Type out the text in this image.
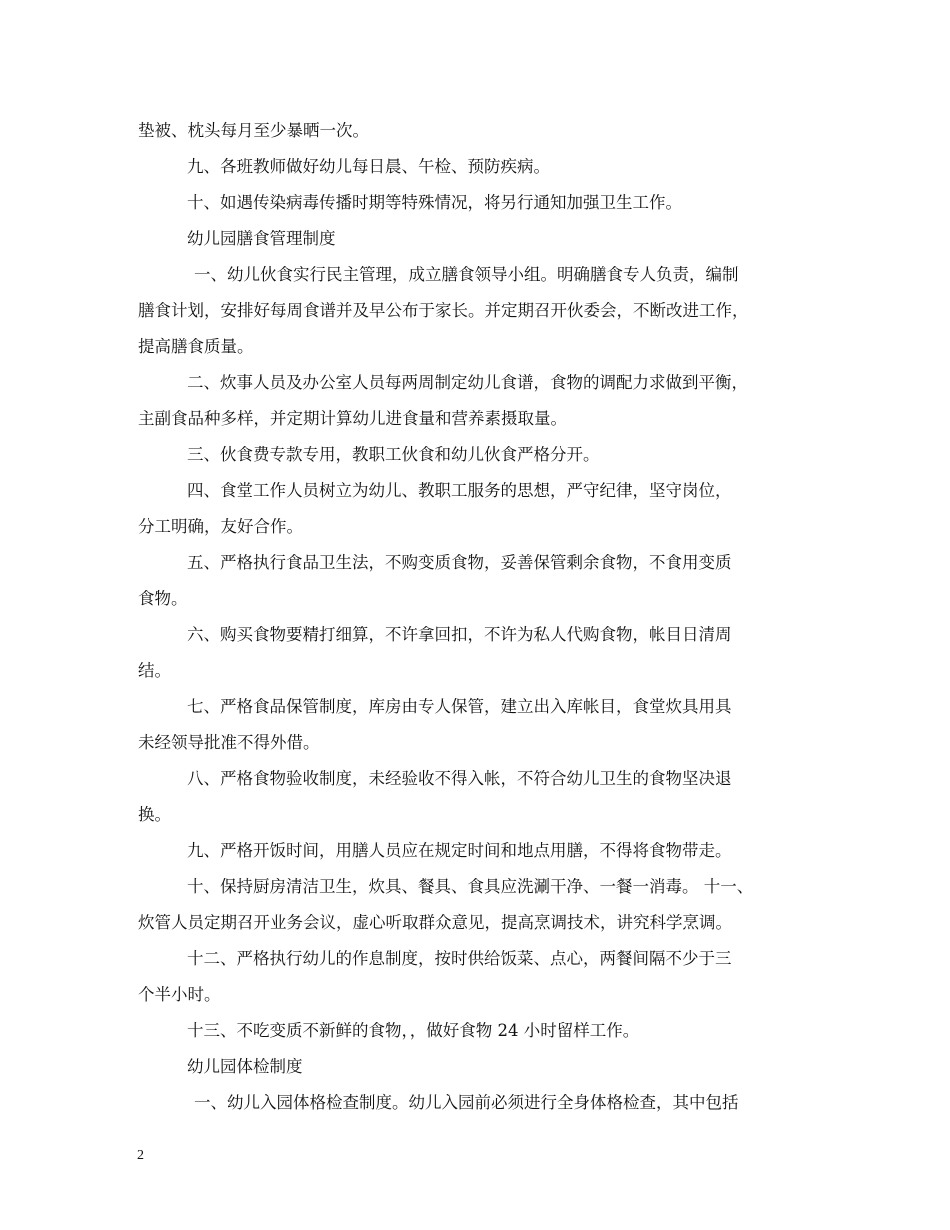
垫被、枕头每月至少暴晒一次。

九、各班教师做好幼儿每日晨、午检、预防疾病。

十、如遇传染病毒传播时期等特殊情况，将另行通知加强卫生工作。

幼儿园膳食管理制度

一、幼儿伙食实行民主管理，成立膳食领导小组。明确膳食专人负责，编制

膳食计划，安排好每周食谱并及早公布于家长。并定期召开伙委会，不断改进工作，

提高膳食质量。

二、炊事人员及办公室人员每两周制定幼儿食谱，食物的调配力求做到平衡，

主副食品种多样，并定期计算幼儿进食量和营养素摄取量。

三、伙食费专款专用，教职工伙食和幼儿伙食严格分开。

四、食堂工作人员树立为幼儿、教职工服务的思想，严守纪律，坚守岗位，

分工明确，友好合作。

五、严格执行食品卫生法，不购变质食物，妥善保管剩余食物，不食用变质

食物。

六、购买食物要精打细算，不许拿回扣，不许为私人代购食物，帐目日清周

结。

七、严格食品保管制度，库房由专人保管，建立出入库帐目，食堂炊具用具

未经领导批准不得外借。

八、严格食物验收制度，未经验收不得入帐，不符合幼儿卫生的食物坚决退

换。

九、严格开饭时间，用膳人员应在规定时间和地点用膳，不得将食物带走。

十、保持厨房清洁卫生，炊具、餐具、食具应洗涮干净、一餐一消毒。 十一、

炊管人员定期召开业务会议，虚心听取群众意见，提高烹调技术，讲究科学烹调。

十二、严格执行幼儿的作息制度，按时供给饭菜、点心，两餐间隔不少于三

个半小时。

十三、不吃变质不新鲜的食物，，做好食物 24 小时留样工作。

幼儿园体检制度

一、幼儿入园体格检查制度。幼儿入园前必须进行全身体格检查，其中包括

2
